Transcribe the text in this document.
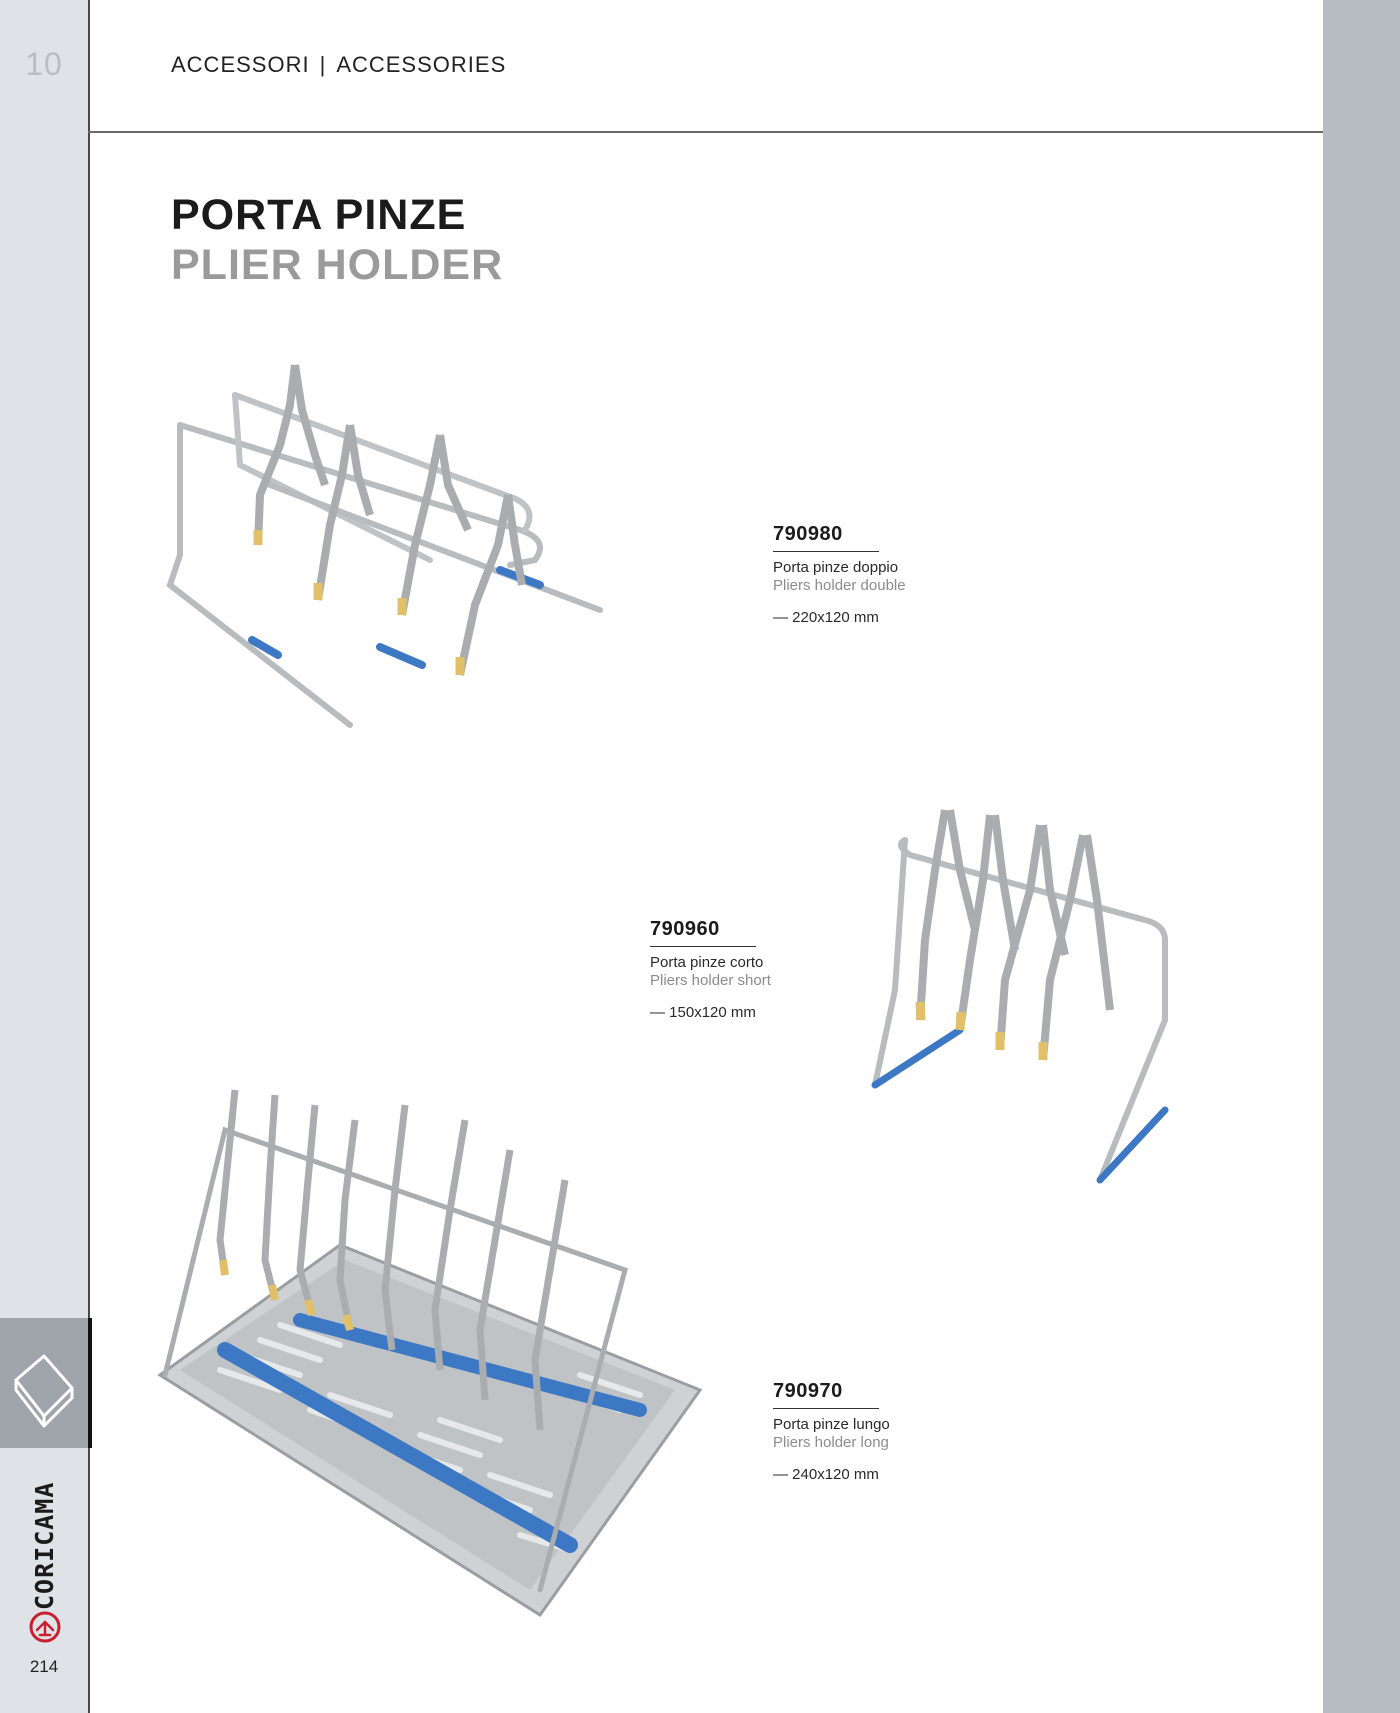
10	ACCESSORI | ACCESSORIES
PORTA PINZE
PLIER HOLDER
790980
Porta pinze doppio
Pliers holder double
— 220x120 mm
790960
Porta pinze corto
Pliers holder short
— 150x120 mm
790970
Porta pinze lungo
Pliers holder long
— 240x120 mm
CORICAMA
214
